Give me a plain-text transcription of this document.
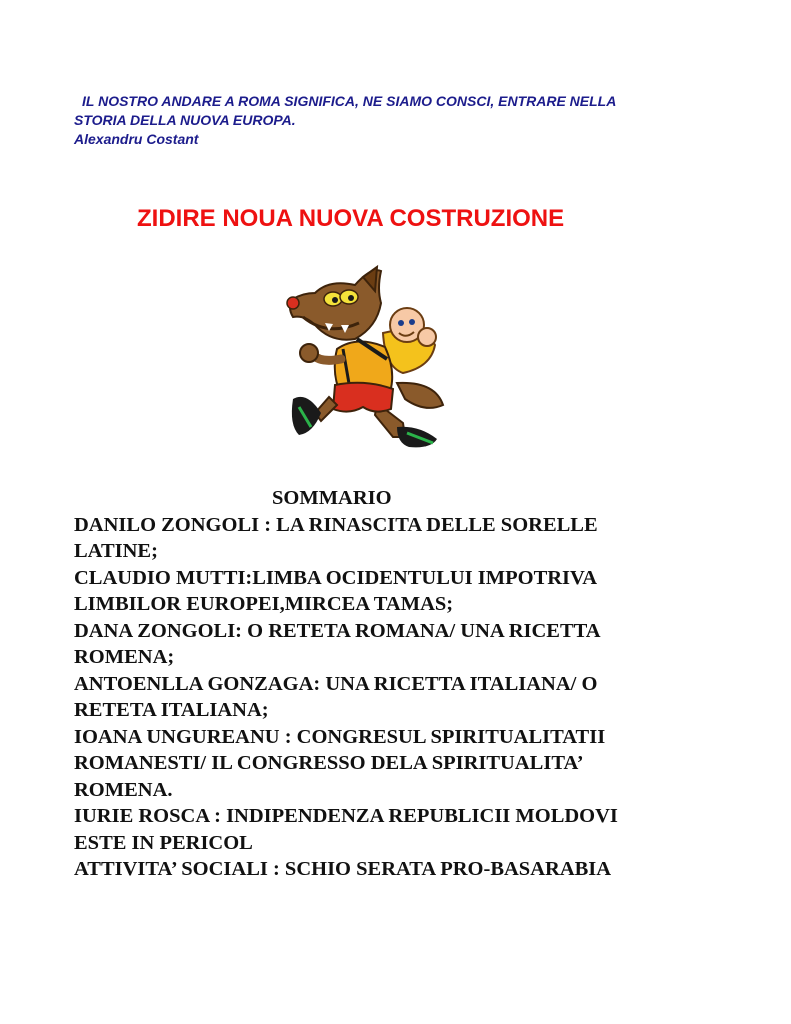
IL NOSTRO ANDARE A ROMA SIGNIFICA, NE SIAMO CONSCI, ENTRARE NELLA
STORIA DELLA NUOVA EUROPA.
Alexandru Costant
ZIDIRE NOUA NUOVA COSTRUZIONE
SOMMARIO
DANILO ZONGOLI : LA RINASCITA DELLE SORELLE
LATINE;
CLAUDIO MUTTI:LIMBA OCIDENTULUI IMPOTRIVA
LIMBILOR EUROPEI,MIRCEA TAMAS;
DANA ZONGOLI: O RETETA ROMANA/ UNA RICETTA
ROMENA;
ANTOENLLA GONZAGA: UNA RICETTA ITALIANA/ O
RETETA ITALIANA;
IOANA UNGUREANU : CONGRESUL SPIRITUALITATII
ROMANESTI/ IL CONGRESSO DELA SPIRITUALITA’
ROMENA.
IURIE ROSCA : INDIPENDENZA REPUBLICII MOLDOVI
ESTE IN PERICOL
ATTIVITA’ SOCIALI : SCHIO SERATA PRO-BASARABIA
